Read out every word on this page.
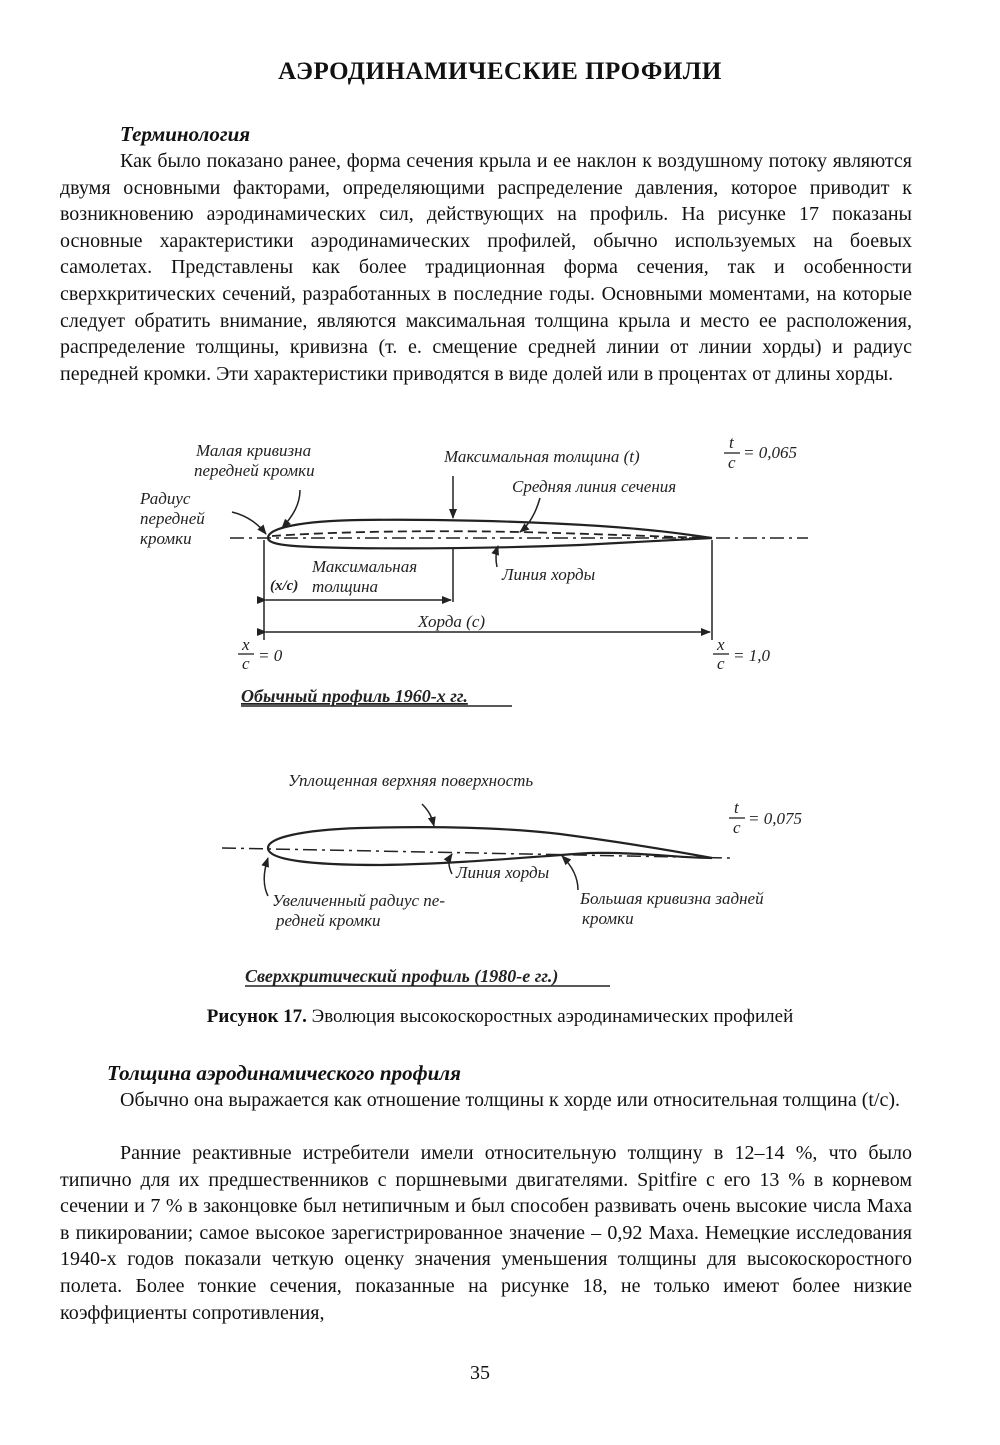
АЭРОДИНАМИЧЕСКИЕ ПРОФИЛИ
Терминология

Как было показано ранее, форма сечения крыла и ее наклон к воздушному потоку являются двумя основными факторами, определяющими распределение давления, которое приводит к возникновению аэродинамических сил, действующих на профиль. На рисунке 17 показаны основные характеристики аэродинамических профилей, обычно используемых на боевых самолетах. Представлены как более традиционная форма сечения, так и особенности сверхкритических сечений, разработанных в последние годы. Основными моментами, на которые следует обратить внимание, являются максимальная толщина крыла и место ее расположения, распределение толщины, кривизна (т. е. смещение средней линии от линии хорды) и радиус передней кромки. Эти характеристики приводятся в виде долей или в процентах от длины хорды.

Малая кривизна
передней кромки
Радиус
передней
кромки
Максимальная толщина (t)
t
c
= 0,065
Средняя линия сечения
Максимальная
толщина
(x/c)
Линия хорды
Хорда (с)
x
c = 0
x
c = 1,0
Обычный профиль 1960-х гг.
Уплощенная верхняя поверхность
t
c = 0,075
Линия хорды
Увеличенный радиус пе-
редней кромки
Большая кривизна задней
кромки
Сверхкритический профиль (1980-е гг.)
Рисунок 17. Эволюция высокоскоростных аэродинамических профилей
Толщина аэродинамического профиля

Обычно она выражается как отношение толщины к хорде или относительная толщина (t/c).

Ранние реактивные истребители имели относительную толщину в 12–14 %, что было типично для их предшественников с поршневыми двигателями. Spitfire с его 13 % в корневом сечении и 7 % в законцовке был нетипичным и был способен развивать очень высокие числа Маха в пикировании; самое высокое зарегистрированное значение – 0,92 Маха. Немецкие исследования 1940-х годов показали четкую оценку значения уменьшения толщины для высокоскоростного полета. Более тонкие сечения, показанные на рисунке 18, не только имеют более низкие коэффициенты сопротивления,

35
